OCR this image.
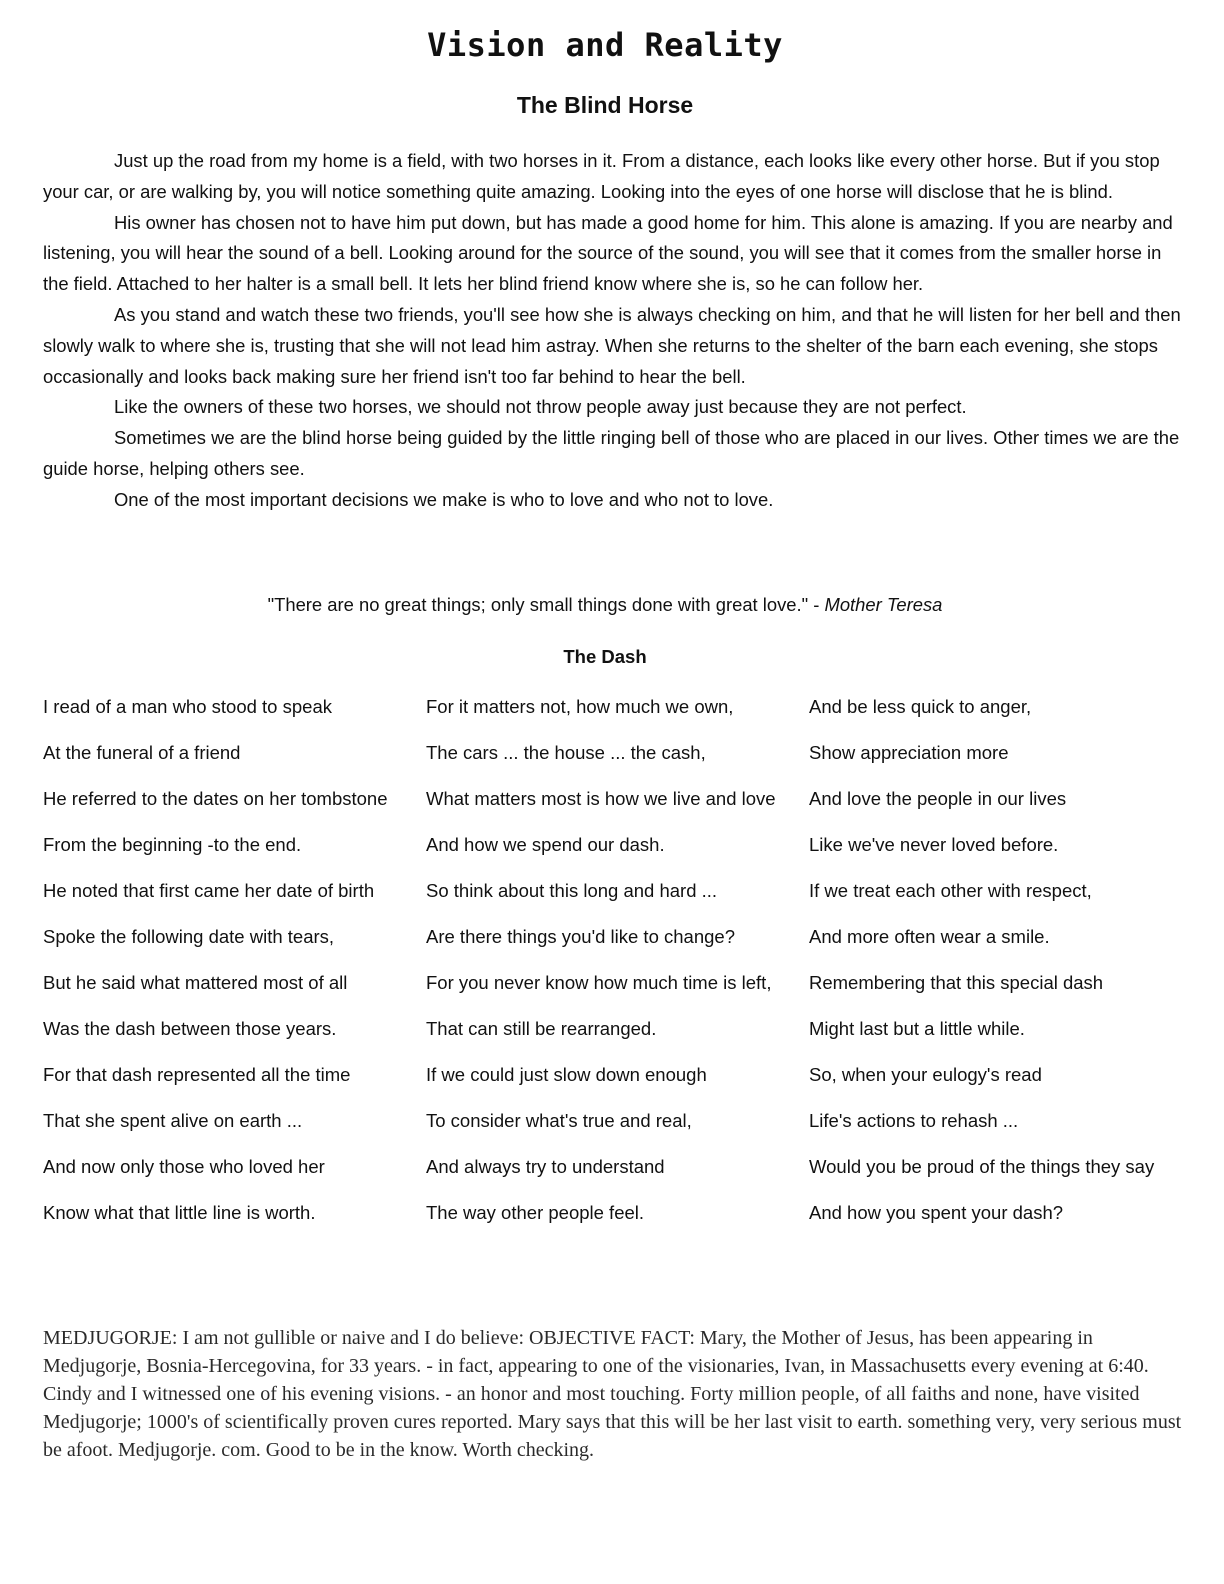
Vision and Reality
The Blind Horse

Just up the road from my home is a field, with two horses in it. From a distance, each looks like every other horse. But if you stop your car, or are walking by, you will notice something quite amazing. Looking into the eyes of one horse will disclose that he is blind.

His owner has chosen not to have him put down, but has made a good home for him. This alone is amazing. If you are nearby and listening, you will hear the sound of a bell. Looking around for the source of the sound, you will see that it comes from the smaller horse in the field. Attached to her halter is a small bell. It lets her blind friend know where she is, so he can follow her.

As you stand and watch these two friends, you'll see how she is always checking on him, and that he will listen for her bell and then slowly walk to where she is, trusting that she will not lead him astray. When she returns to the shelter of the barn each evening, she stops occasionally and looks back making sure her friend isn't too far behind to hear the bell.

Like the owners of these two horses, we should not throw people away just because they are not perfect.

Sometimes we are the blind horse being guided by the little ringing bell of those who are placed in our lives. Other times we are the guide horse, helping others see.

One of the most important decisions we make is who to love and who not to love.

"There are no great things; only small things done with great love." - Mother Teresa

The Dash

I read of a man who stood to speak

At the funeral of a friend

He referred to the dates on her tombstone

From the beginning -to the end.

He noted that first came her date of birth

Spoke the following date with tears,

But he said what mattered most of all

Was the dash between those years.

For that dash represented all the time

That she spent alive on earth ...

And now only those who loved her

Know what that little line is worth.

For it matters not, how much we own,

The cars ... the house ... the cash,

What matters most is how we live and love

And how we spend our dash.

So think about this long and hard ...

Are there things you'd like to change?

For you never know how much time is left,

That can still be rearranged.

If we could just slow down enough

To consider what's true and real,

And always try to understand

The way other people feel.

And be less quick to anger,

Show appreciation more

And love the people in our lives

Like we've never loved before.

If we treat each other with respect,

And more often wear a smile.

Remembering that this special dash

Might last but a little while.

So, when your eulogy's read

Life's actions to rehash ...

Would you be proud of the things they say

And how you spent your dash?

MEDJUGORJE: I am not gullible or naive and I do believe: OBJECTIVE FACT: Mary, the Mother of Jesus, has been appearing in Medjugorje, Bosnia-Hercegovina, for 33 years. - in fact, appearing to one of the visionaries, Ivan, in Massachusetts every evening at 6:40. Cindy and I witnessed one of his evening visions. - an honor and most touching. Forty million people, of all faiths and none, have visited Medjugorje; 1000's of scientifically proven cures reported. Mary says that this will be her last visit to earth. something very, very serious must be afoot. Medjugorje. com. Good to be in the know. Worth checking.
